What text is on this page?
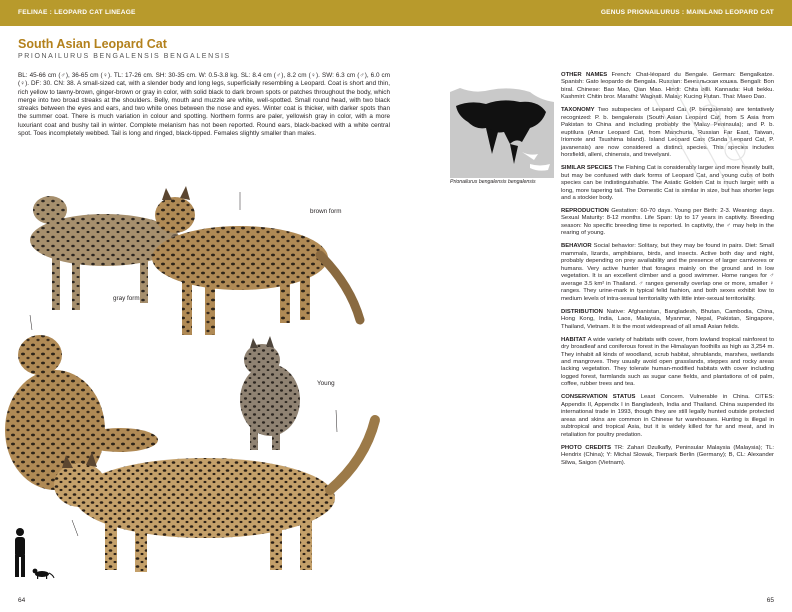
FELINAE : LEOPARD CAT LINEAGE	GENUS PRIONAILURUS : MAINLAND LEOPARD CAT
South Asian Leopard Cat
PRIONAILURUS BENGALENSIS BENGALENSIS
BL: 45-66 cm (♂), 36-65 cm (♀). TL: 17-26 cm. SH: 30-35 cm. W: 0.5-3.8 kg. SL: 8.4 cm (♂), 8.2 cm (♀). SW: 6.3 cm (♂), 6.0 cm (♀). DF: 30. CN: 38. A small-sized cat, with a slender body and long legs, superficially resembling a Leopard. Coat is short and thin, rich yellow to tawny-brown, ginger-brown or gray in color, with solid black to dark brown spots or patches throughout the body, which merge into two broad streaks at the shoulders. Belly, mouth and muzzle are white, well-spotted. Small round head, with two black streaks between the eyes and ears, and two white ones between the nose and eyes. Winter coat is thicker, with darker spots than the summer coat. There is much variation in colour and spotting. Northern forms are paler, yellowish gray in color, with a more luxuriant coat and bushy tail in winter. Complete melanism has not been reported. Round ears, black-backed with a white central spot. Toes incompletely webbed. Tail is long and ringed, black-tipped. Females slightly smaller than males.
brown form
gray form
Young
64	65
Prionailurus bengalensis bengalensis

OTHER NAMES French: Chat-léopard du Bengale. German: Bengalkatze. Spanish: Gato leopardo de Bengala. Russian: Бенгальская кошка. Bengali: Bon biral. Chinese: Bao Mao, Qian Mao. Hindi: Chita billi. Kannada: Huli bekku. Kashmiri: Chitin bror. Marathi: Waghati. Malay: Kucing Hutan. Thai: Maeo Dao.

TAXONOMY Two subspecies of Leopard Cat (P. bengalensis) are tentatively recognized: P. b. bengalensis (South Asian Leopard Cat, from S Asia from Pakistan to China and including probably the Malay Peninsula); and P. b. euptilura (Amur Leopard Cat, from Manchuria, Russian Far East, Taiwan, Iriomote and Tsushima Island). Island Leopard Cats (Sunda Leopard Cat, P. javanensis) are now considered a distinct species. This species includes horsfieldi, alleni, chinensis, and trevelyani.

SIMILAR SPECIES The Fishing Cat is considerably larger and more heavily built, but may be confused with dark forms of Leopard Cat, and young cubs of both species can be indistinguishable. The Asiatic Golden Cat is much larger with a long, more tapering tail. The Domestic Cat is similar in size, but has shorter legs and a stockier body.

REPRODUCTION Gestation: 60-70 days. Young per Birth: 2-3. Weaning: days. Sexual Maturity: 8-12 months. Life Span: Up to 17 years in captivity. Breeding season: No specific breeding time is reported. In captivity, the ♂ may help in the rearing of young.

BEHAVIOR Social behavior: Solitary, but they may be found in pairs. Diet: Small mammals, lizards, amphibians, birds, and insects. Active both day and night, probably depending on prey availability and the presence of larger carnivores or humans. Very active hunter that forages mainly on the ground and in low vegetation. It is an excellent climber and a good swimmer. Home ranges for ♂ average 3.5 km² in Thailand. ♂ ranges generally overlap one or more, smaller ♀ ranges. They urine-mark in typical felid fashion, and both sexes exhibit low to medium levels of intra-sexual territoriality with little inter-sexual territoriality.

DISTRIBUTION Native: Afghanistan, Bangladesh, Bhutan, Cambodia, China, Hong Kong, India, Laos, Malaysia, Myanmar, Nepal, Pakistan, Singapore, Thailand, Vietnam. It is the most widespread of all small Asian felids.

HABITAT A wide variety of habitats with cover, from lowland tropical rainforest to dry broadleaf and coniferous forest in the Himalayan foothills as high as 3,254 m. They inhabit all kinds of woodland, scrub habitat, shrublands, marshes, wetlands and mangroves. They usually avoid open grasslands, steppes and rocky areas lacking vegetation. They tolerate human-modified habitats with cover including logged forest, farmlands such as sugar cane fields, and plantations of oil palm, coffee, rubber trees and tea.

CONSERVATION STATUS Least Concern. Vulnerable in China. CITES: Appendix II, Appendix I in Bangladesh, India and Thailand. China suspended its international trade in 1993, though they are still legally hunted outside protected areas and skins are common in Chinese fur warehouses. Hunting is illegal in subtropical and tropical Asia, but it is widely killed for fur and meat, and in retaliation for poultry predation.

PHOTO CREDITS TR: Zahari Dzulkafly, Peninsular Malaysia (Malaysia); TL: Hendrix (China); Y: Michal Slowak, Tierpark Berlin (Germany); B, CL: Alexander Silwa, Saigon (Vietnam).
